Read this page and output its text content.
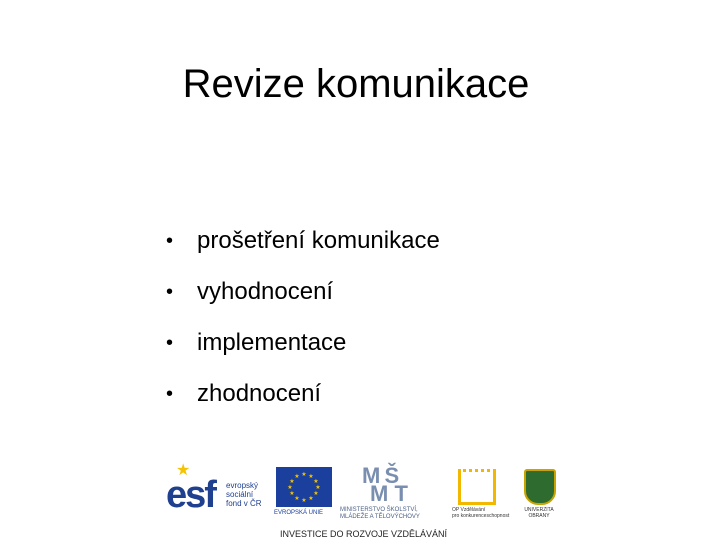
Revize komunikace
• prošetření komunikace
• vyhodnocení
• implementace
• zhodnocení
★
esf evropský
sociální
fond v ČR
★ ★
★
★
★
★
★
★
★
★
★
★
EVROPSKÁ UNIE
M Š
M T
MINISTERSTVO ŠKOLSTVÍ,
MLÁDEŽE A TĚLOVÝCHOVY
OP Vzdělávání
pro konkurenceschopnost
UNIVERZITA
OBRANY
INVESTICE DO ROZVOJE VZDĚLÁVÁNÍ
